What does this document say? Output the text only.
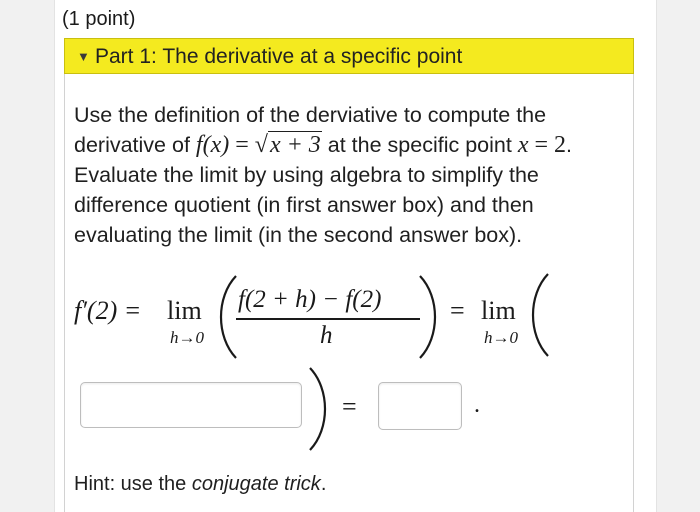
(1 point)
▼ Part 1: The derivative at a specific point
Use the definition of the derviative to compute the derivative of f(x) = √x + 3 at the specific point x = 2. Evaluate the limit by using algebra to simplify the difference quotient (in first answer box) and then evaluating the limit (in the second answer box).
f′(2) = lim
h→0
f(2 + h) − f(2)
h
= lim
h→0
=	.
Hint: use the conjugate trick.
